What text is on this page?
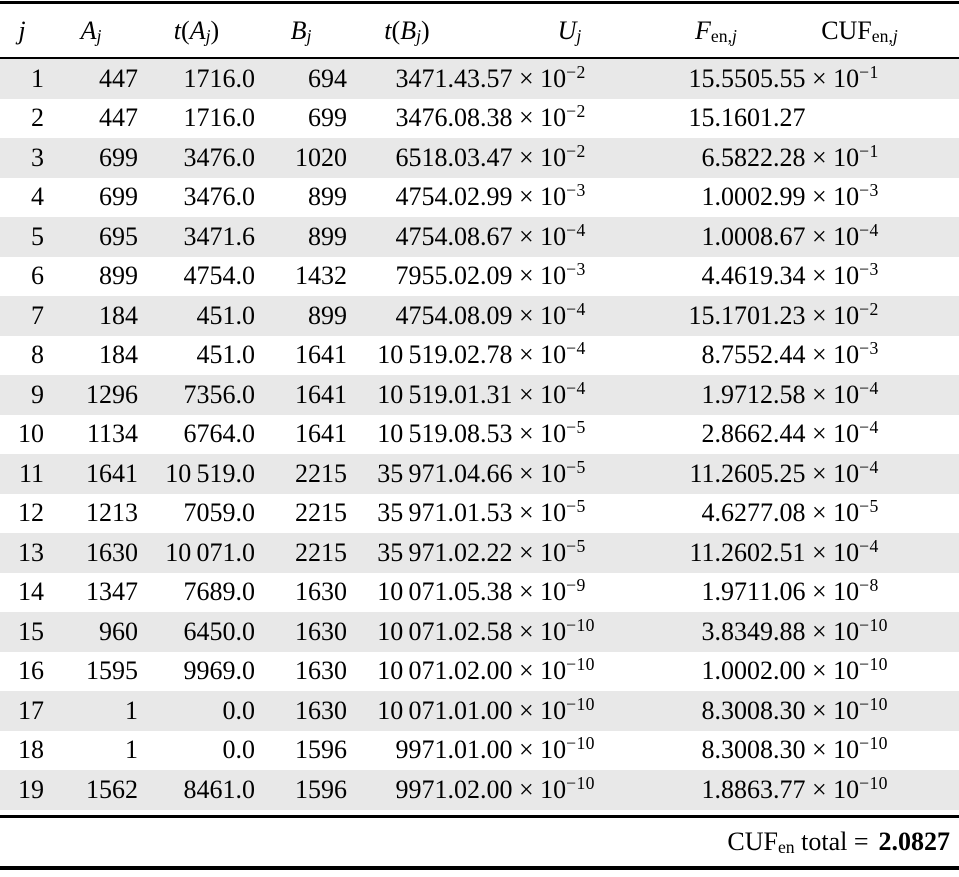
j	$A_j$	$t(A_j)$	$B_j$	$t(B_j)$	$U_j$	$F_{en,j}$	$CUF_{en,j}$
1	447	1716.0	694	3471.4	$3.57 \times 10^{-2}$	15.550	$5.55 \times 10^{-1}$
2	447	1716.0	699	3476.0	$8.38 \times 10^{-2}$	15.160	1.27
3	699	3476.0	1020	6518.0	$3.47 \times 10^{-2}$	6.582	$2.28 \times 10^{-1}$
4	699	3476.0	899	4754.0	$2.99 \times 10^{-3}$	1.000	$2.99 \times 10^{-3}$
5	695	3471.6	899	4754.0	$8.67 \times 10^{-4}$	1.000	$8.67 \times 10^{-4}$
6	899	4754.0	1432	7955.0	$2.09 \times 10^{-3}$	4.461	$9.34 \times 10^{-3}$
7	184	451.0	899	4754.0	$8.09 \times 10^{-4}$	15.170	$1.23 \times 10^{-2}$
8	184	451.0	1641	10 519.0	$2.78 \times 10^{-4}$	8.755	$2.44 \times 10^{-3}$
9	1296	7356.0	1641	10 519.0	$1.31 \times 10^{-4}$	1.971	$2.58 \times 10^{-4}$
10	1134	6764.0	1641	10 519.0	$8.53 \times 10^{-5}$	2.866	$2.44 \times 10^{-4}$
11	1641	10 519.0	2215	35 971.0	$4.66 \times 10^{-5}$	11.260	$5.25 \times 10^{-4}$
12	1213	7059.0	2215	35 971.0	$1.53 \times 10^{-5}$	4.627	$7.08 \times 10^{-5}$
13	1630	10 071.0	2215	35 971.0	$2.22 \times 10^{-5}$	11.260	$2.51 \times 10^{-4}$
14	1347	7689.0	1630	10 071.0	$5.38 \times 10^{-9}$	1.971	$1.06 \times 10^{-8}$
15	960	6450.0	1630	10 071.0	$2.58 \times 10^{-10}$	3.834	$9.88 \times 10^{-10}$
16	1595	9969.0	1630	10 071.0	$2.00 \times 10^{-10}$	1.000	$2.00 \times 10^{-10}$
17	1	0.0	1630	10 071.0	$1.00 \times 10^{-10}$	8.300	$8.30 \times 10^{-10}$
18	1	0.0	1596	9971.0	$1.00 \times 10^{-10}$	8.300	$8.30 \times 10^{-10}$
19	1562	8461.0	1596	9971.0	$2.00 \times 10^{-10}$	1.886	$3.77 \times 10^{-10}$

$CUF_{en}$ total = 2.0827							
